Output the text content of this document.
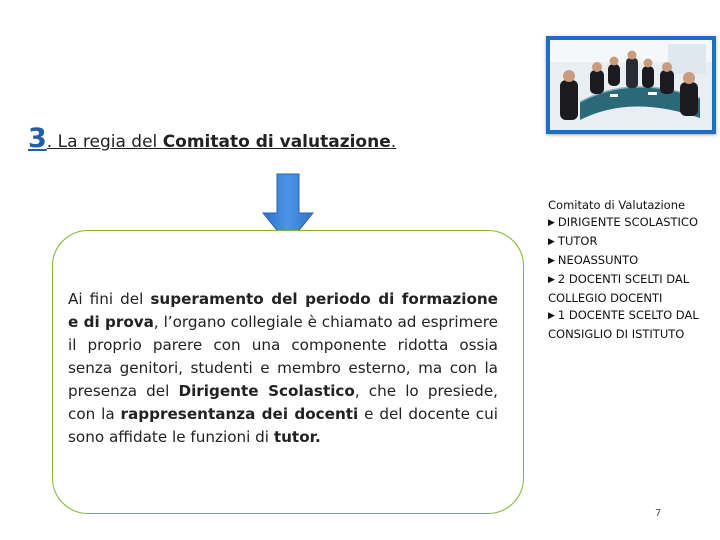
3. La regia del Comitato di valutazione.

Ai fini del superamento del periodo di formazione e di prova, l’organo collegiale è chiamato ad esprimere il proprio parere con una componente ridotta ossia senza genitori, studenti e membro esterno, ma con la presenza del Dirigente Scolastico, che lo presiede, con la rappresentanza dei docenti e del docente cui sono affidate le funzioni di tutor.

Comitato di Valutazione
▶ DIRIGENTE SCOLASTICO
▶ TUTOR
▶ NEOASSUNTO
▶ 2 DOCENTI SCELTI DAL
COLLEGIO DOCENTI
▶ 1 DOCENTE SCELTO DAL
CONSIGLIO DI ISTITUTO
7
